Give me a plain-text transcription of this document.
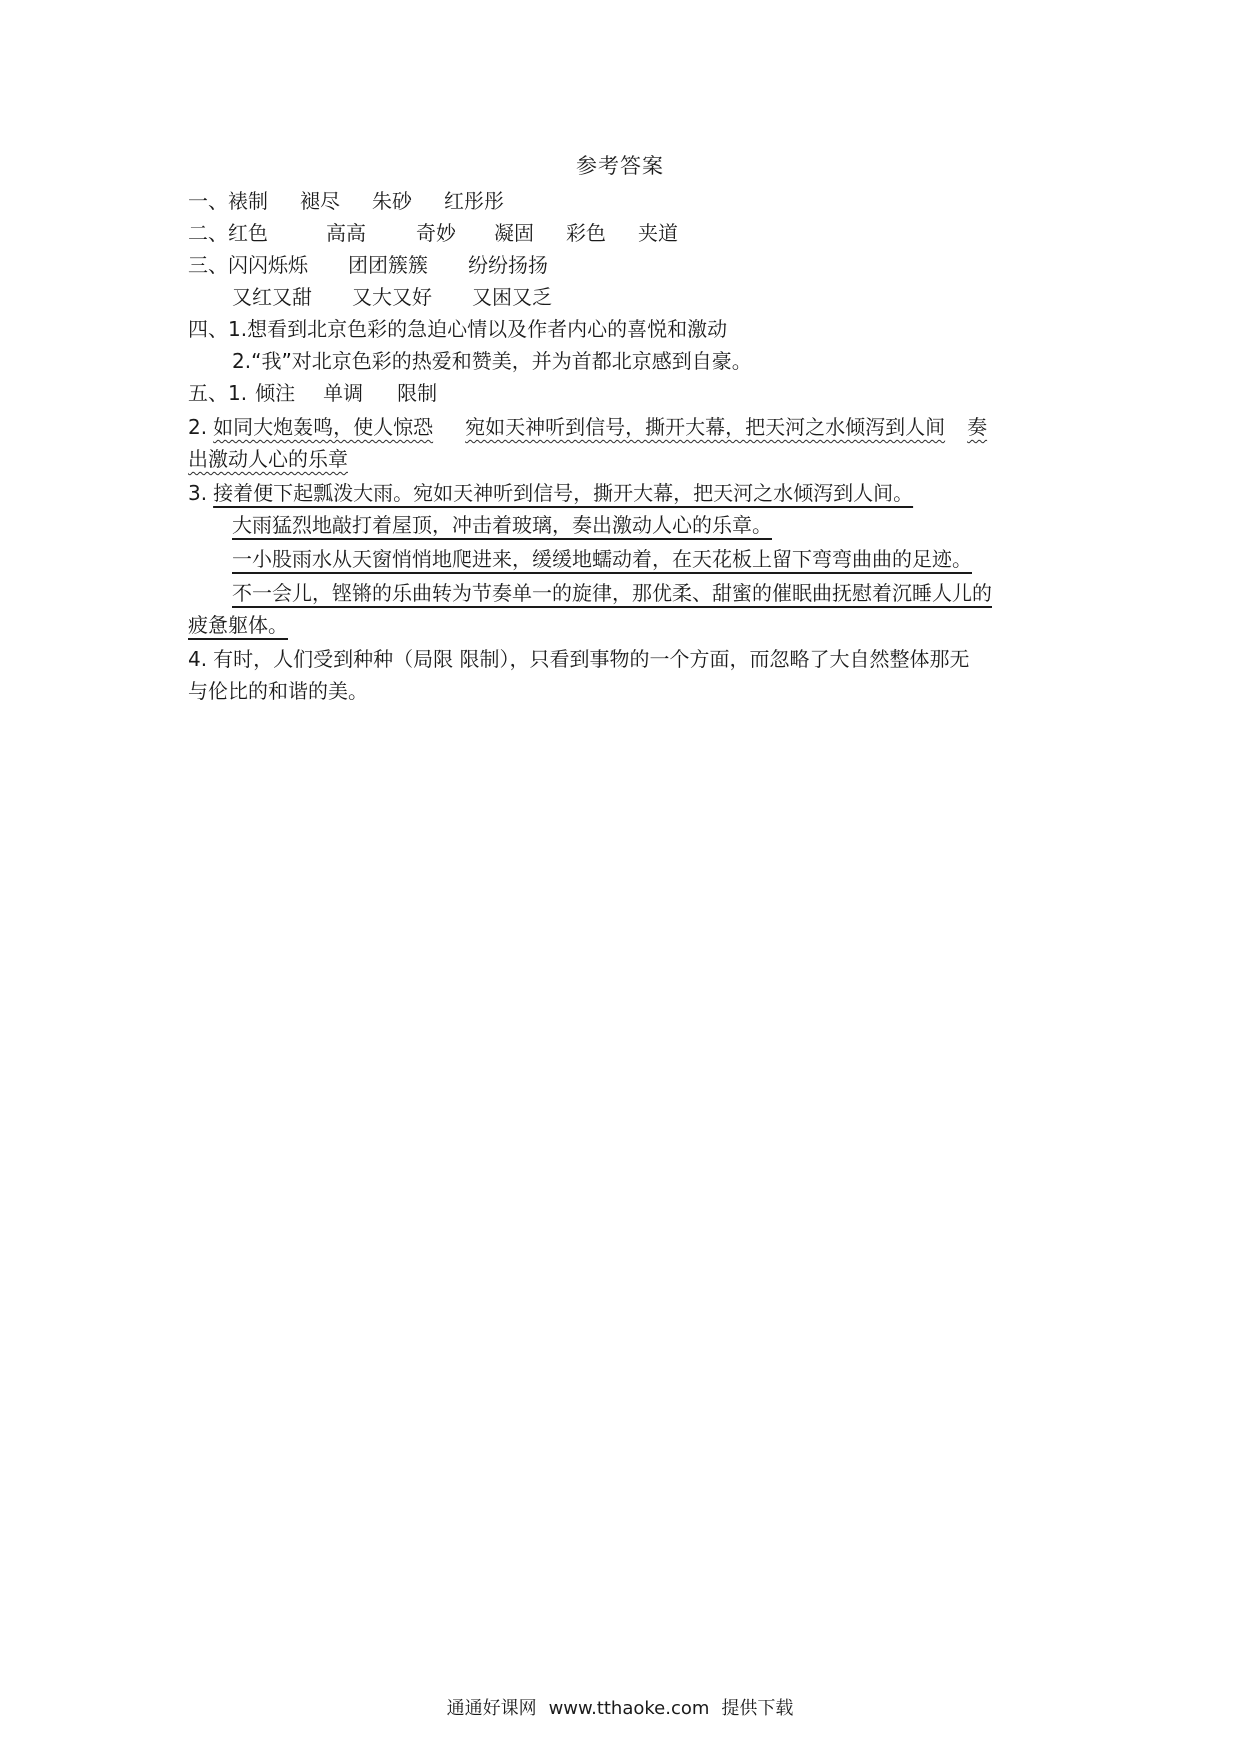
参考答案
一、裱制 褪尽 朱砂 红彤彤
二、红色	高高	奇妙 凝固 彩色 夹道
三、闪闪烁烁 团团簇簇 纷纷扬扬
又红又甜 又大又好 又困又乏
四、1.想看到北京色彩的急迫心情以及作者内心的喜悦和激动
2.“我”对北京色彩的热爱和赞美，并为首都北京感到自豪。
五、1. 倾注 单调 限制
2. 如同大炮轰鸣，使人惊恐 宛如天神听到信号，撕开大幕，把天河之水倾泻到人间 奏
出激动人心的乐章
3. 接着便下起瓢泼大雨。宛如天神听到信号，撕开大幕，把天河之水倾泻到人间。
大雨猛烈地敲打着屋顶，冲击着玻璃，奏出激动人心的乐章。
一小股雨水从天窗悄悄地爬进来，缓缓地蠕动着，在天花板上留下弯弯曲曲的足迹。
不一会儿，铿锵的乐曲转为节奏单一的旋律，那优柔、甜蜜的催眠曲抚慰着沉睡人儿的
疲惫躯体。
4. 有时，人们受到种种（局限 限制），只看到事物的一个方面，而忽略了大自然整体那无
与伦比的和谐的美。
通通好课网 www.tthaoke.com 提供下载
